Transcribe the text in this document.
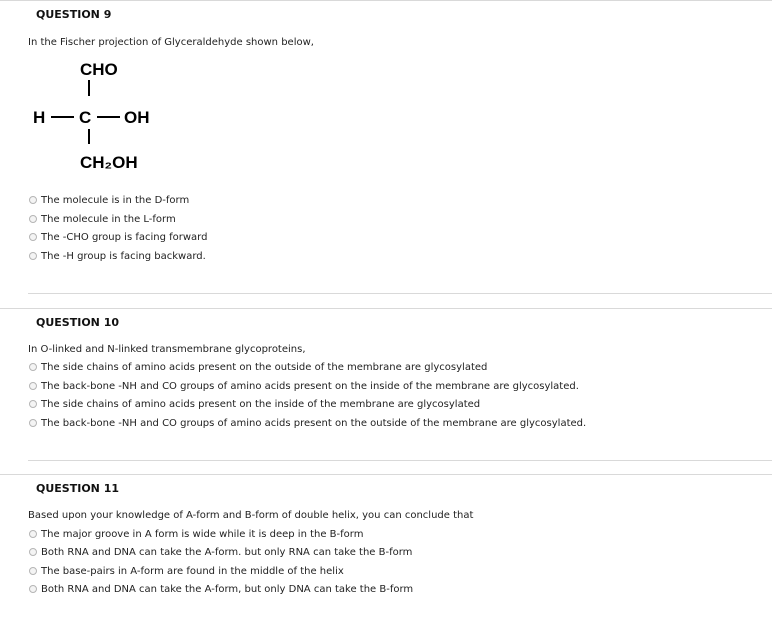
QUESTION 9
In the Fischer projection of Glyceraldehyde shown below,
CHO
H C OH
CH₂OH
The molecule is in the D-form
The molecule in the L-form
The -CHO group is facing forward
The -H group is facing backward.
QUESTION 10
In O-linked and N-linked transmembrane glycoproteins,
The side chains of amino acids present on the outside of the membrane are glycosylated
The back-bone -NH and CO groups of amino acids present on the inside of the membrane are glycosylated.
The side chains of amino acids present on the inside of the membrane are glycosylated
The back-bone -NH and CO groups of amino acids present on the outside of the membrane are glycosylated.
QUESTION 11
Based upon your knowledge of A-form and B-form of double helix, you can conclude that
The major groove in A form is wide while it is deep in the B-form
Both RNA and DNA can take the A-form. but only RNA can take the B-form
The base-pairs in A-form are found in the middle of the helix
Both RNA and DNA can take the A-form, but only DNA can take the B-form
